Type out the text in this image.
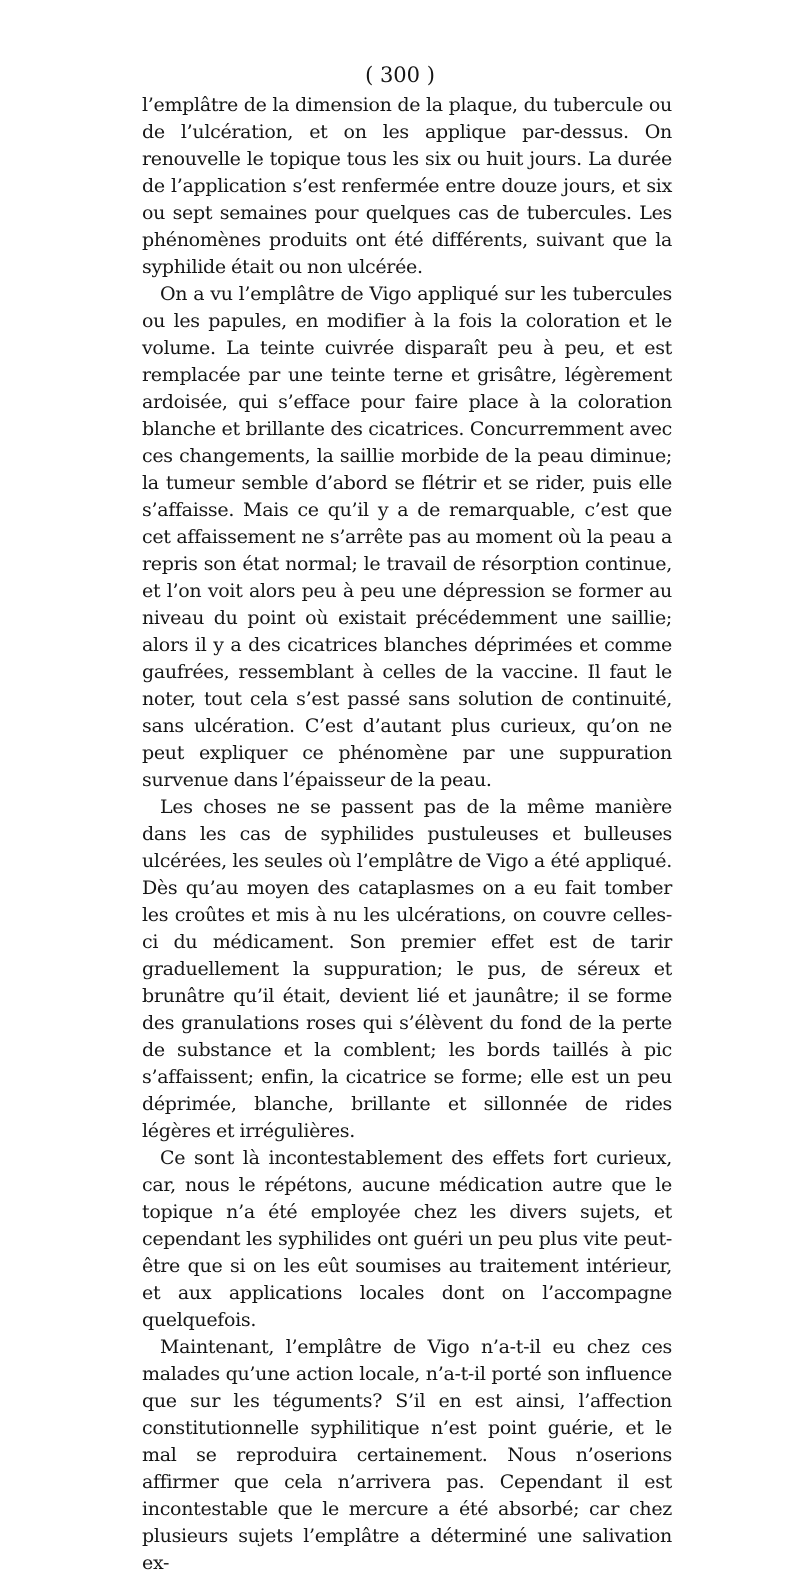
( 300 )

l’emplâtre de la dimension de la plaque, du tubercule ou de l’ulcération, et on les applique par-dessus. On renouvelle le topique tous les six ou huit jours. La durée de l’application s’est renfermée entre douze jours, et six ou sept semaines pour quelques cas de tubercules. Les phénomènes produits ont été différents, suivant que la syphilide était ou non ulcérée.

On a vu l’emplâtre de Vigo appliqué sur les tubercules ou les papules, en modifier à la fois la coloration et le volume. La teinte cuivrée disparaît peu à peu, et est remplacée par une teinte terne et grisâtre, légèrement ardoisée, qui s’efface pour faire place à la coloration blanche et brillante des cicatrices. Concurremment avec ces changements, la saillie morbide de la peau diminue; la tumeur semble d’abord se flétrir et se rider, puis elle s’affaisse. Mais ce qu’il y a de remarquable, c’est que cet affaissement ne s’arrête pas au moment où la peau a repris son état normal; le travail de résorption continue, et l’on voit alors peu à peu une dépression se former au niveau du point où existait précédemment une saillie; alors il y a des cicatrices blanches déprimées et comme gaufrées, ressemblant à celles de la vaccine. Il faut le noter, tout cela s’est passé sans solution de continuité, sans ulcération. C’est d’autant plus curieux, qu’on ne peut expliquer ce phénomène par une suppuration survenue dans l’épaisseur de la peau.

Les choses ne se passent pas de la même manière dans les cas de syphilides pustuleuses et bulleuses ulcérées, les seules où l’emplâtre de Vigo a été appliqué. Dès qu’au moyen des cataplasmes on a eu fait tomber les croûtes et mis à nu les ulcérations, on couvre celles-ci du médicament. Son premier effet est de tarir graduellement la suppuration; le pus, de séreux et brunâtre qu’il était, devient lié et jaunâtre; il se forme des granulations roses qui s’élèvent du fond de la perte de substance et la comblent; les bords taillés à pic s’affaissent; enfin, la cicatrice se forme; elle est un peu déprimée, blanche, brillante et sillonnée de rides légères et irrégulières.

Ce sont là incontestablement des effets fort curieux, car, nous le répétons, aucune médication autre que le topique n’a été employée chez les divers sujets, et cependant les syphilides ont guéri un peu plus vite peut-être que si on les eût soumises au traitement intérieur, et aux applications locales dont on l’accompagne quelquefois.

Maintenant, l’emplâtre de Vigo n’a-t-il eu chez ces malades qu’une action locale, n’a-t-il porté son influence que sur les téguments? S’il en est ainsi, l’affection constitutionnelle syphilitique n’est point guérie, et le mal se reproduira certainement. Nous n’oserions affirmer que cela n’arrivera pas. Cependant il est incontestable que le mercure a été absorbé; car chez plusieurs sujets l’emplâtre a déterminé une salivation ex-
